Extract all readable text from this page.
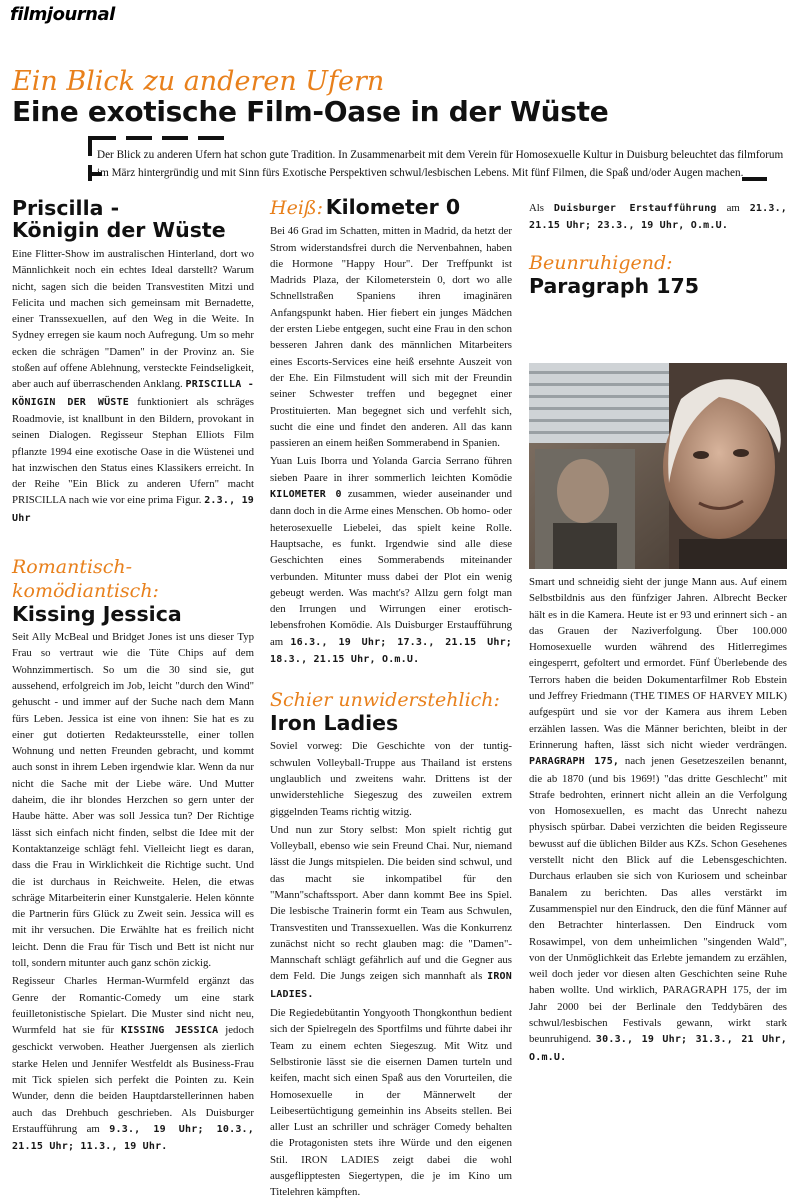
filmjournal
Ein Blick zu anderen Ufern
Eine exotische Film-Oase in der Wüste
Der Blick zu anderen Ufern hat schon gute Tradition. In Zusammenarbeit mit dem Verein für Homosexuelle Kultur in Duisburg beleuchtet das filmforum im März hintergründig und mit Sinn fürs Exotische Perspektiven schwul/lesbischen Lebens. Mit fünf Filmen, die Spaß und/oder Augen machen.
Priscilla -
Königin der Wüste

Eine Flitter-Show im australischen Hinterland, dort wo Männlichkeit noch ein echtes Ideal darstellt? Warum nicht, sagen sich die beiden Transvestiten Mitzi und Felicita und machen sich gemeinsam mit Bernadette, einer Transsexuellen, auf den Weg in die Weite. In Sydney erregen sie kaum noch Aufregung. Um so mehr ecken die schrägen "Damen" in der Provinz an. Sie stoßen auf offene Ablehnung, versteckte Feindseligkeit, aber auch auf überraschenden Anklang. PRISCILLA - KÖNIGIN DER WÜSTE funktioniert als schräges Roadmovie, ist knallbunt in den Bildern, provokant in seinen Dialogen. Regisseur Stephan Elliots Film pflanzte 1994 eine exotische Oase in die Wüstenei und hat inzwischen den Status eines Klassikers erreicht. In der Reihe "Ein Blick zu anderen Ufern" macht PRISCILLA nach wie vor eine prima Figur. 2.3., 19 Uhr

Romantisch-komödiantisch:
Kissing Jessica

Seit Ally McBeal und Bridget Jones ist uns dieser Typ Frau so vertraut wie die Tüte Chips auf dem Wohnzimmertisch. So um die 30 sind sie, gut aussehend, erfolgreich im Job, leicht "durch den Wind" gehuscht - und immer auf der Suche nach dem Mann fürs Leben. Jessica ist eine von ihnen: Sie hat es zu einer gut dotierten Redakteursstelle, einer tollen Wohnung und netten Freunden gebracht, und kommt auch sonst in ihrem Leben irgendwie klar. Wenn da nur nicht die Sache mit der Liebe wäre. Und Mutter daheim, die ihr blondes Herzchen so gern unter der Haube hätte. Aber was soll Jessica tun? Der Richtige lässt sich einfach nicht finden, selbst die Idee mit der Kontaktanzeige schlägt fehl. Vielleicht liegt es daran, dass die Frau in Wirklichkeit die Richtige sucht. Und die ist durchaus in Reichweite. Helen, die etwas schräge Mitarbeiterin einer Kunstgalerie. Helen könnte die Partnerin fürs Glück zu Zweit sein. Jessica will es mit ihr versuchen. Die Erwählte hat es freilich nicht leicht. Denn die Frau für Tisch und Bett ist nicht nur toll, sondern mitunter auch ganz schön zickig.

Regisseur Charles Herman-Wurmfeld ergänzt das Genre der Romantic-Comedy um eine stark feuilletonistische Spielart. Die Muster sind nicht neu, Wurmfeld hat sie für KISSING JESSICA jedoch geschickt verwoben. Heather Juergensen als zierlich starke Helen und Jennifer Westfeldt als Business-Frau mit Tick spielen sich perfekt die Pointen zu. Kein Wunder, denn die beiden Hauptdarstellerinnen haben auch das Drehbuch geschrieben. Als Duisburger Erstaufführung am 9.3., 19 Uhr; 10.3., 21.15 Uhr; 11.3., 19 Uhr.

Heiß: Kilometer 0

Bei 46 Grad im Schatten, mitten in Madrid, da hetzt der Strom widerstandsfrei durch die Nervenbahnen, haben die Hormone "Happy Hour". Der Treffpunkt ist Madrids Plaza, der Kilometerstein 0, dort wo alle Schnellstraßen Spaniens ihren imaginären Anfangspunkt haben. Hier fiebert ein junges Mädchen der ersten Liebe entgegen, sucht eine Frau in den schon besseren Jahren dank des männlichen Mitarbeiters eines Escorts-Services eine heiß ersehnte Auszeit von der Ehe. Ein Filmstudent will sich mit der Freundin seiner Schwester treffen und begegnet einer Prostituierten. Man begegnet sich und verfehlt sich, sucht die eine und findet den anderen. All das kann passieren an einem heißen Sommerabend in Spanien.

Yuan Luis Iborra und Yolanda Garcia Serrano führen sieben Paare in ihrer sommerlich leichten Komödie KILOMETER 0 zusammen, wieder auseinander und dann doch in die Arme eines Menschen. Ob homo- oder heterosexuelle Liebelei, das spielt keine Rolle. Hauptsache, es funkt. Irgendwie sind alle diese Geschichten eines Sommerabends miteinander verbunden. Mitunter muss dabei der Plot ein wenig gebeugt werden. Was macht's? Allzu gern folgt man den Irrungen und Wirrungen einer erotisch-lebensfrohen Komödie. Als Duisburger Erstaufführung am 16.3., 19 Uhr; 17.3., 21.15 Uhr; 18.3., 21.15 Uhr, O.m.U.

Schier unwiderstehlich:
Iron Ladies

Soviel vorweg: Die Geschichte von der tuntig-schwulen Volleyball-Truppe aus Thailand ist erstens unglaublich und zweitens wahr. Drittens ist der unwiderstehliche Siegeszug des zuweilen extrem giggelnden Teams richtig witzig.

Und nun zur Story selbst: Mon spielt richtig gut Volleyball, ebenso wie sein Freund Chai. Nur, niemand lässt die Jungs mitspielen. Die beiden sind schwul, und das macht sie inkompatibel für den "Mann"schaftssport. Aber dann kommt Bee ins Spiel. Die lesbische Trainerin formt ein Team aus Schwulen, Transvestiten und Transsexuellen. Was die Konkurrenz zunächst nicht so recht glauben mag: die "Damen"-Mannschaft schlägt gefährlich auf und die Gegner aus dem Feld. Die Jungs zeigen sich mannhaft als IRON LADIES.

Die Regiedebütantin Yongyooth Thongkonthun bedient sich der Spielregeln des Sportfilms und führte dabei ihr Team zu einem echten Siegeszug. Mit Witz und Selbstironie lässt sie die eisernen Damen turteln und keifen, macht sich einen Spaß aus den Vorurteilen, die Homosexuelle in der Männerwelt der Leibesertüchtigung gemeinhin ins Abseits stellen. Bei aller Lust an schriller und schräger Comedy behalten die Protagonisten stets ihre Würde und den eigenen Stil. IRON LADIES zeigt dabei die wohl ausgeflipptesten Siegertypen, die je im Kino um Titelehren kämpften.

Als Duisburger Erstaufführung am 21.3., 21.15 Uhr; 23.3., 19 Uhr, O.m.U.

Beunruhigend:
Paragraph 175

Smart und schneidig sieht der junge Mann aus. Auf einem Selbstbildnis aus den fünfziger Jahren. Albrecht Becker hält es in die Kamera. Heute ist er 93 und erinnert sich - an das Grauen der Naziverfolgung. Über 100.000 Homosexuelle wurden während des Hitlerregimes eingesperrt, gefoltert und ermordet. Fünf Überlebende des Terrors haben die beiden Dokumentarfilmer Rob Ebstein und Jeffrey Friedmann (THE TIMES OF HARVEY MILK) aufgespürt und sie vor der Kamera aus ihrem Leben erzählen lassen. Was die Männer berichten, bleibt in der Erinnerung haften, lässt sich nicht wieder verdrängen. PARAGRAPH 175, nach jenen Gesetzeszeilen benannt, die ab 1870 (und bis 1969!) "das dritte Geschlecht" mit Strafe bedrohten, erinnert nicht allein an die Verfolgung von Homosexuellen, es macht das Unrecht nahezu physisch spürbar. Dabei verzichten die beiden Regisseure bewusst auf die üblichen Bilder aus KZs. Schon Gesehenes verstellt nicht den Blick auf die Lebensgeschichten. Durchaus erlauben sie sich von Kuriosem und scheinbar Banalem zu berichten. Das alles verstärkt im Zusammenspiel nur den Eindruck, den die fünf Männer auf den Betrachter hinterlassen. Den Eindruck vom Rosawimpel, von dem unheimlichen "singenden Wald", von der Unmöglichkeit das Erlebte jemandem zu erzählen, weil doch jeder vor diesen alten Geschichten seine Ruhe haben wollte. Und wirklich, PARAGRAPH 175, der im Jahr 2000 bei der Berlinale den Teddybären des schwul/lesbischen Festivals gewann, wirkt stark beunruhigend. 30.3., 19 Uhr; 31.3., 21 Uhr, O.m.U.
